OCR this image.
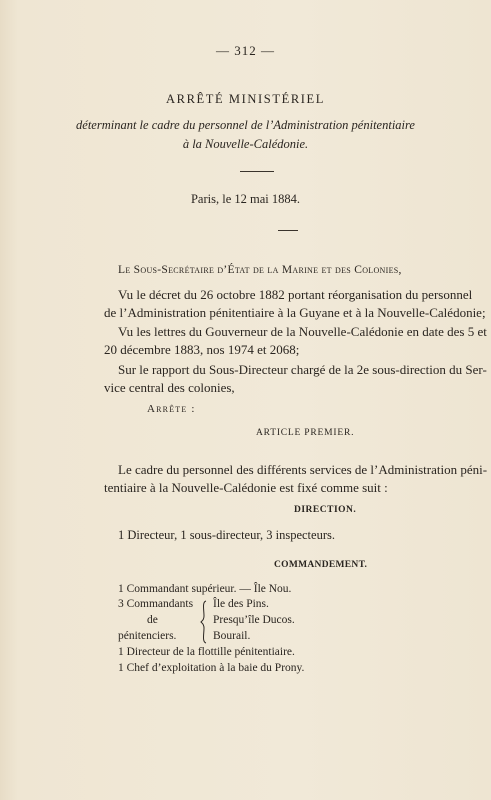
— 312 —

ARRÊTÉ MINISTÉRIEL

déterminant le cadre du personnel de l’Administration pénitentiaire

à la Nouvelle-Calédonie.

Paris, le 12 mai 1884.

Le Sous-Secrétaire d’État de la Marine et des Colonies,

Vu le décret du 26 octobre 1882 portant réorganisation du personnel

de l’Administration pénitentiaire à la Guyane et à la Nouvelle-Calédonie;

Vu les lettres du Gouverneur de la Nouvelle-Calédonie en date des 5 et

20 décembre 1883, nos 1974 et 2068;

Sur le rapport du Sous-Directeur chargé de la 2e sous-direction du Ser-

vice central des colonies,

Arrête :

ARTICLE PREMIER.

Le cadre du personnel des différents services de l’Administration péni-

tentiaire à la Nouvelle-Calédonie est fixé comme suit :

DIRECTION.

1 Directeur, 1 sous-directeur, 3 inspecteurs.

COMMANDEMENT.

1 Commandant supérieur. — Île Nou.

3 Commandants

de

pénitenciers.

Île des Pins.

Presqu’île Ducos.

Bourail.

1 Directeur de la flottille pénitentiaire.

1 Chef d’exploitation à la baie du Prony.
